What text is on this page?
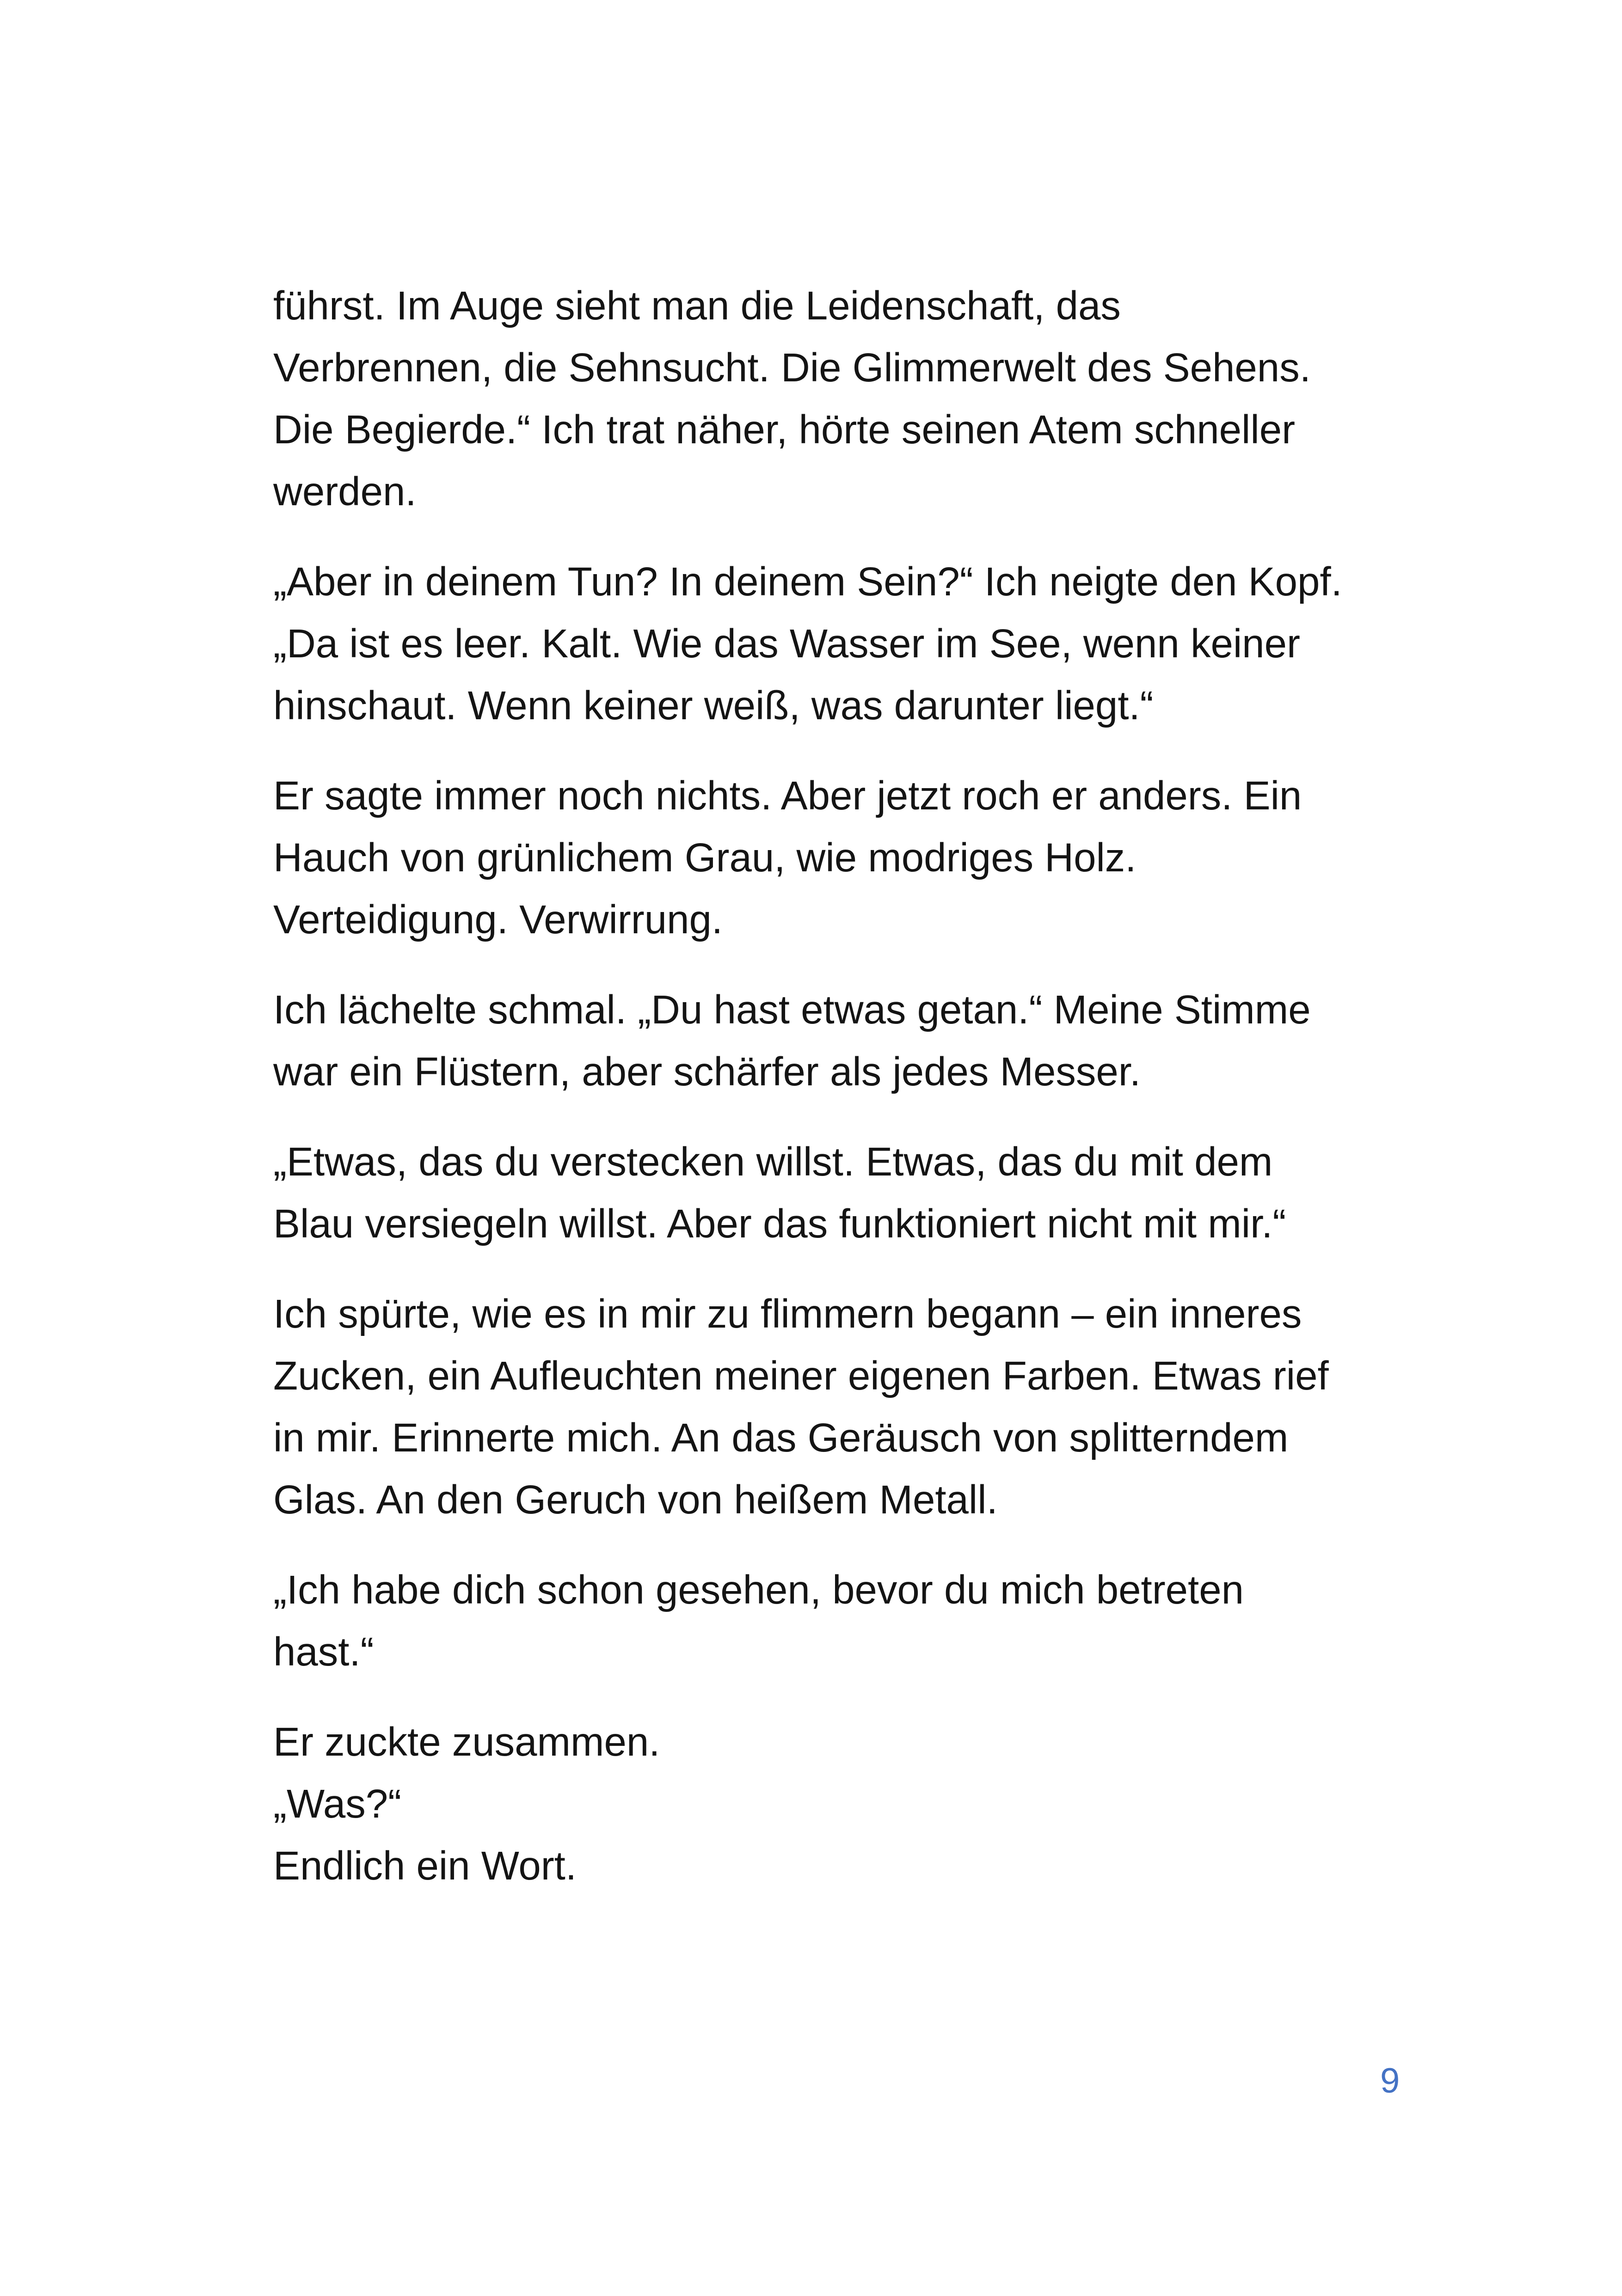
führst. Im Auge sieht man die Leidenschaft, das
Verbrennen, die Sehnsucht. Die Glimmerwelt des Sehens.
Die Begierde.“ Ich trat näher, hörte seinen Atem schneller
werden.

„Aber in deinem Tun? In deinem Sein?“ Ich neigte den Kopf.
„Da ist es leer. Kalt. Wie das Wasser im See, wenn keiner
hinschaut. Wenn keiner weiß, was darunter liegt.“

Er sagte immer noch nichts. Aber jetzt roch er anders. Ein
Hauch von grünlichem Grau, wie modriges Holz.
Verteidigung. Verwirrung.

Ich lächelte schmal. „Du hast etwas getan.“ Meine Stimme
war ein Flüstern, aber schärfer als jedes Messer.

„Etwas, das du verstecken willst. Etwas, das du mit dem
Blau versiegeln willst. Aber das funktioniert nicht mit mir.“

Ich spürte, wie es in mir zu flimmern begann – ein inneres
Zucken, ein Aufleuchten meiner eigenen Farben. Etwas rief
in mir. Erinnerte mich. An das Geräusch von splitterndem
Glas. An den Geruch von heißem Metall.

„Ich habe dich schon gesehen, bevor du mich betreten
hast.“

Er zuckte zusammen.
„Was?“
Endlich ein Wort.

9
